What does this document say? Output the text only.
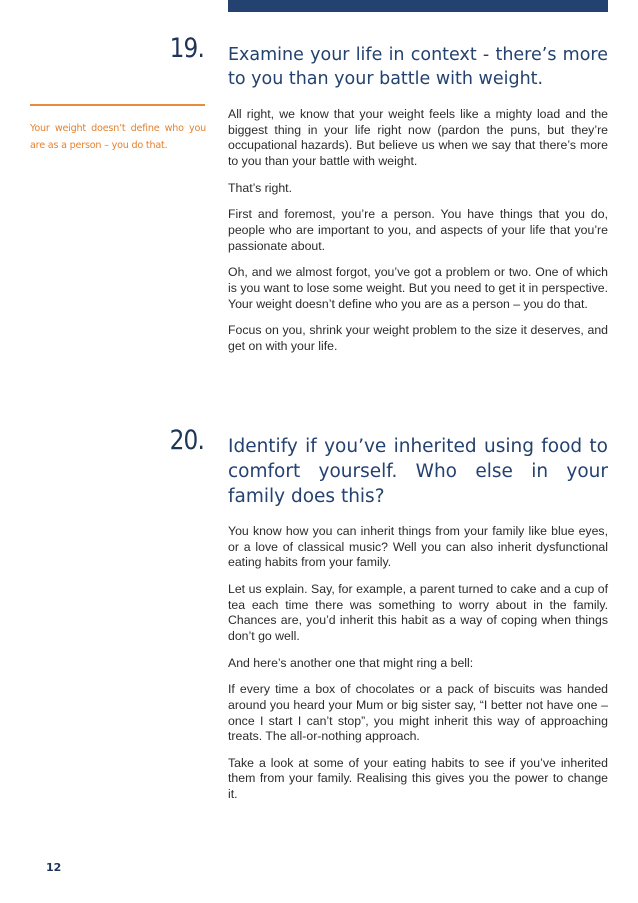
19. Examine your life in context - there’s more to you than your battle with weight.

Your weight doesn’t define who you are as a person – you do that.

All right, we know that your weight feels like a mighty load and the biggest thing in your life right now (pardon the puns, but they’re occupational hazards). But believe us when we say that there’s more to you than your battle with weight.

That’s right.

First and foremost, you’re a person. You have things that you do, people who are important to you, and aspects of your life that you’re passionate about.

Oh, and we almost forgot, you’ve got a problem or two. One of which is you want to lose some weight. But you need to get it in perspective. Your weight doesn’t define who you are as a person – you do that.

Focus on you, shrink your weight problem to the size it deserves, and get on with your life.

20. Identify if you’ve inherited using food to comfort yourself. Who else in your family does this?

You know how you can inherit things from your family like blue eyes, or a love of classical music? Well you can also inherit dysfunctional eating habits from your family.

Let us explain. Say, for example, a parent turned to cake and a cup of tea each time there was something to worry about in the family. Chances are, you’d inherit this habit as a way of coping when things don’t go well.

And here’s another one that might ring a bell:

If every time a box of chocolates or a pack of biscuits was handed around you heard your Mum or big sister say, “I better not have one – once I start I can’t stop”, you might inherit this way of approaching treats. The all-or-nothing approach.

Take a look at some of your eating habits to see if you’ve inherited them from your family. Realising this gives you the power to change it.

12
